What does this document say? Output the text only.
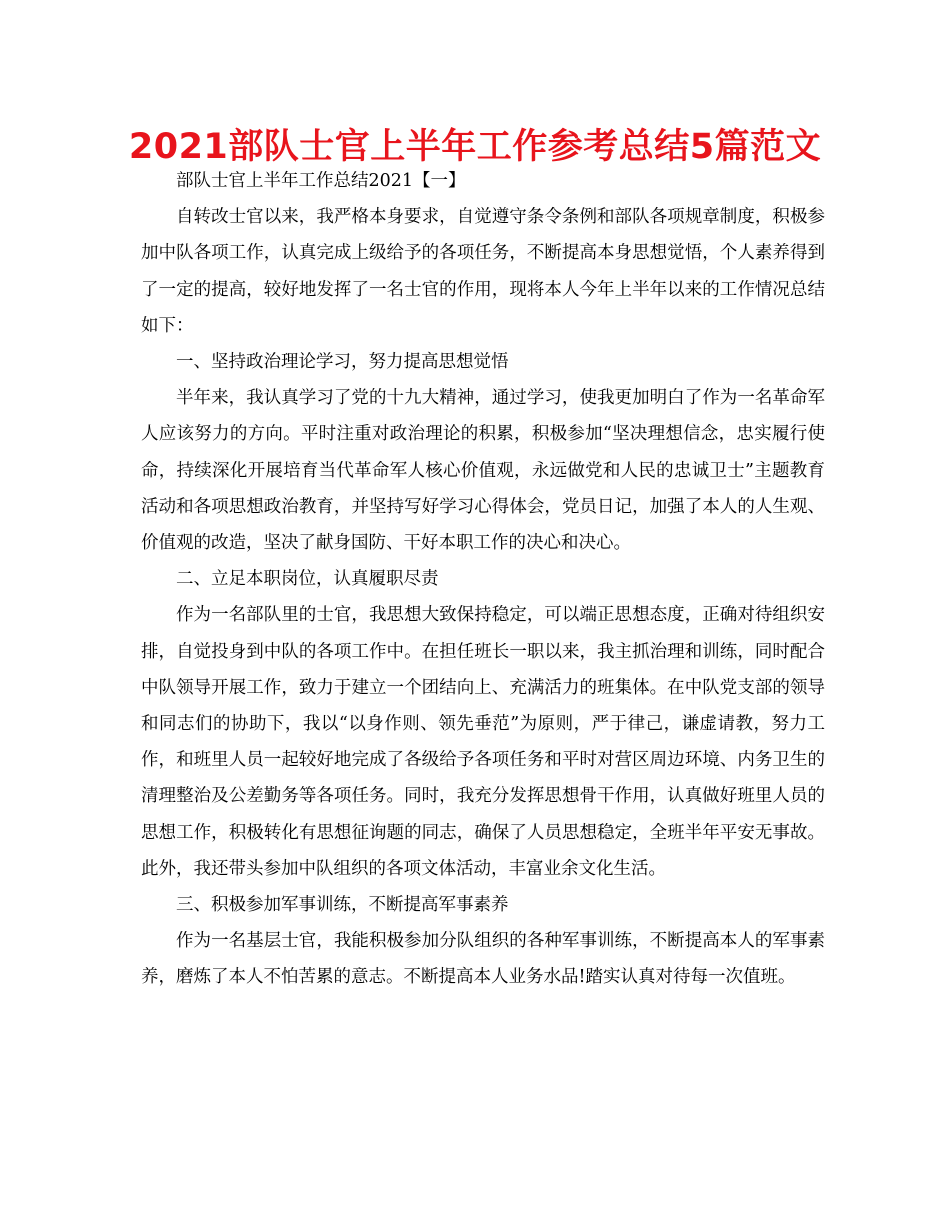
2021部队士官上半年工作参考总结5篇范文

部队士官上半年工作总结2021【一】

自转改士官以来，我严格本身要求，自觉遵守条令条例和部队各项规章制度，积极参加中队各项工作，认真完成上级给予的各项任务，不断提高本身思想觉悟，个人素养得到了一定的提高，较好地发挥了一名士官的作用，现将本人今年上半年以来的工作情况总结如下：

一、坚持政治理论学习，努力提高思想觉悟

半年来，我认真学习了党的十九大精神，通过学习，使我更加明白了作为一名革命军人应该努力的方向。平时注重对政治理论的积累，积极参加“坚决理想信念，忠实履行使命，持续深化开展培育当代革命军人核心价值观，永远做党和人民的忠诚卫士”主题教育活动和各项思想政治教育，并坚持写好学习心得体会，党员日记，加强了本人的人生观、价值观的改造，坚决了献身国防、干好本职工作的决心和决心。

二、立足本职岗位，认真履职尽责

作为一名部队里的士官，我思想大致保持稳定，可以端正思想态度，正确对待组织安排，自觉投身到中队的各项工作中。在担任班长一职以来，我主抓治理和训练，同时配合中队领导开展工作，致力于建立一个团结向上、充满活力的班集体。在中队党支部的领导和同志们的协助下，我以“以身作则、领先垂范”为原则，严于律己，谦虚请教，努力工作，和班里人员一起较好地完成了各级给予各项任务和平时对营区周边环境、内务卫生的清理整治及公差勤务等各项任务。同时，我充分发挥思想骨干作用，认真做好班里人员的思想工作，积极转化有思想征询题的同志，确保了人员思想稳定，全班半年平安无事故。此外，我还带头参加中队组织的各项文体活动，丰富业余文化生活。

三、积极参加军事训练，不断提高军事素养

作为一名基层士官，我能积极参加分队组织的各种军事训练，不断提高本人的军事素养，磨炼了本人不怕苦累的意志。不断提高本人业务水品!踏实认真对待每一次值班。
